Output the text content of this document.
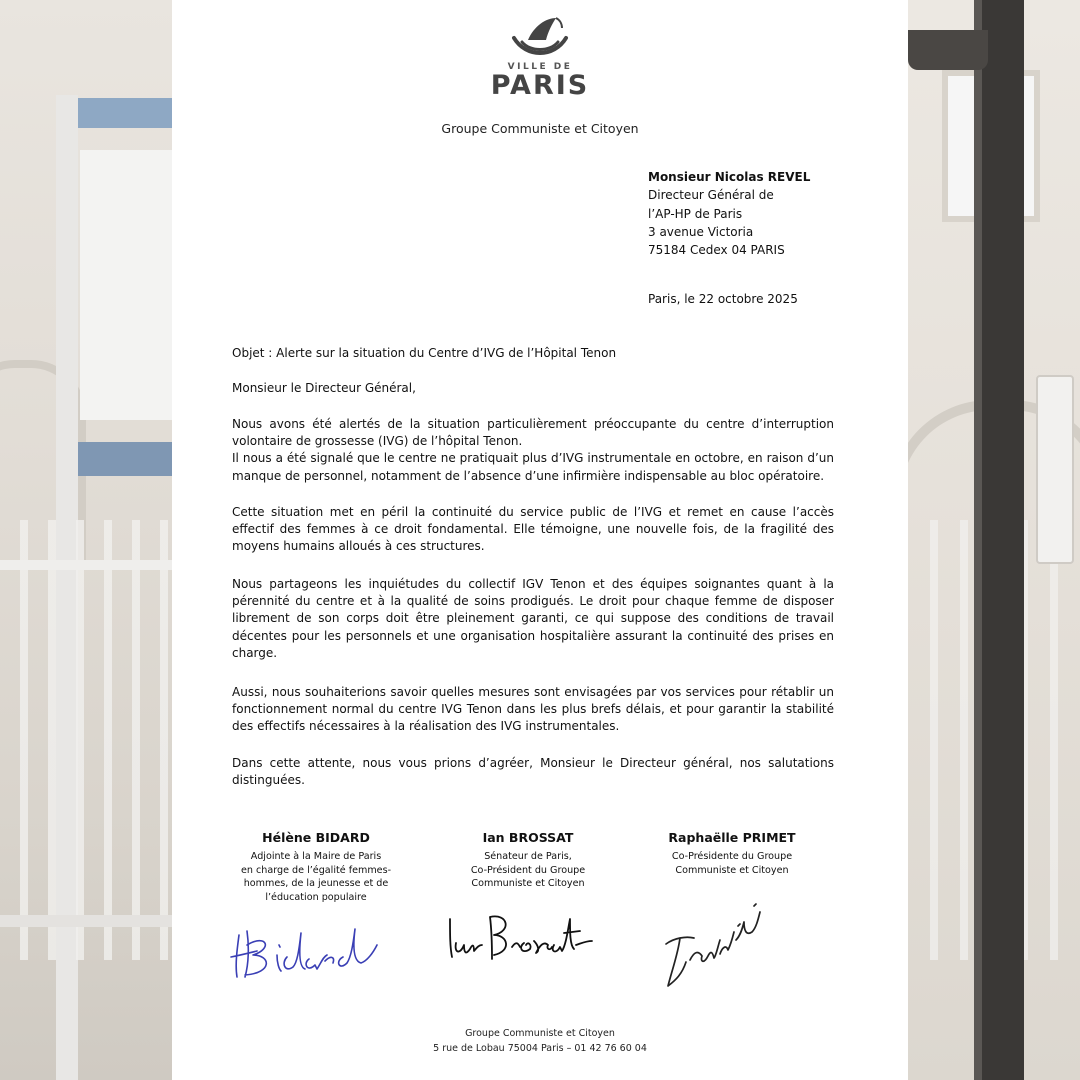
VILLE DE
PARIS
Groupe Communiste et Citoyen
Monsieur Nicolas REVEL
Directeur Général de
l’AP-HP de Paris
3 avenue Victoria
75184 Cedex 04 PARIS
Paris, le 22 octobre 2025
Objet : Alerte sur la situation du Centre d’IVG de l’Hôpital Tenon
Monsieur le Directeur Général,

Nous avons été alertés de la situation particulièrement préoccupante du centre d’interruption volontaire de grossesse (IVG) de l’hôpital Tenon.

Il nous a été signalé que le centre ne pratiquait plus d’IVG instrumentale en octobre, en raison d’un manque de personnel, notamment de l’absence d’une infirmière indispensable au bloc opératoire.

Cette situation met en péril la continuité du service public de l’IVG et remet en cause l’accès effectif des femmes à ce droit fondamental. Elle témoigne, une nouvelle fois, de la fragilité des moyens humains alloués à ces structures.

Nous partageons les inquiétudes du collectif IGV Tenon et des équipes soignantes quant à la pérennité du centre et à la qualité de soins prodigués. Le droit pour chaque femme de disposer librement de son corps doit être pleinement garanti, ce qui suppose des conditions de travail décentes pour les personnels et une organisation hospitalière assurant la continuité des prises en charge.

Aussi, nous souhaiterions savoir quelles mesures sont envisagées par vos services pour rétablir un fonctionnement normal du centre IVG Tenon dans les plus brefs délais, et pour garantir la stabilité des effectifs nécessaires à la réalisation des IVG instrumentales.

Dans cette attente, nous vous prions d’agréer, Monsieur le Directeur général, nos salutations distinguées.

Hélène BIDARD
Adjointe à la Maire de Paris
en charge de l’égalité femmes-
hommes, de la jeunesse et de
l’éducation populaire
Ian BROSSAT
Sénateur de Paris,
Co-Président du Groupe
Communiste et Citoyen
Raphaëlle PRIMET
Co-Présidente du Groupe
Communiste et Citoyen
Groupe Communiste et Citoyen
5 rue de Lobau 75004 Paris – 01 42 76 60 04
